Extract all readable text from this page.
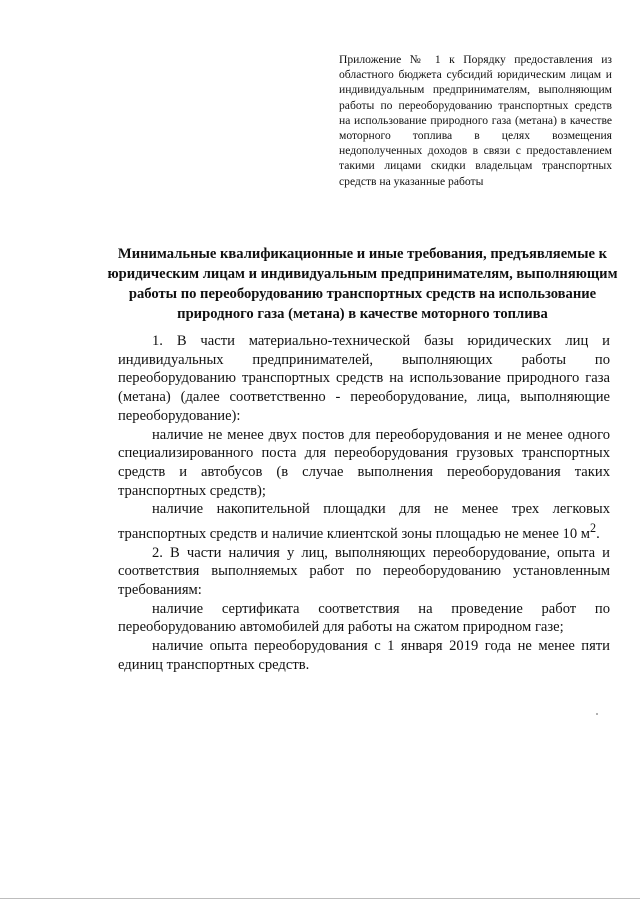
Приложение № 1 к Порядку предоставления из областного бюджета субсидий юридическим лицам и индивидуальным предпринимателям, выполняющим работы по переоборудованию транспортных средств на использование природного газа (метана) в качестве моторного топлива в целях возмещения недополученных доходов в связи с предоставлением такими лицами скидки владельцам транспортных средств на указанные работы
Минимальные квалификационные и иные требования, предъявляемые к юридическим лицам и индивидуальным предпринимателям, выполняющим работы по переоборудованию транспортных средств на использование природного газа (метана) в качестве моторного топлива

1. В части материально-технической базы юридических лиц и индивидуальных предпринимателей, выполняющих работы по переоборудованию транспортных средств на использование природного газа (метана) (далее соответственно - переоборудование, лица, выполняющие переоборудование):

наличие не менее двух постов для переоборудования и не менее одного специализированного поста для переоборудования грузовых транспортных средств и автобусов (в случае выполнения переоборудования таких транспортных средств);

наличие накопительной площадки для не менее трех легковых транспортных средств и наличие клиентской зоны площадью не менее 10 $м^2$.

2. В части наличия у лиц, выполняющих переоборудование, опыта и соответствия выполняемых работ по переоборудованию установленным требованиям:

наличие сертификата соответствия на проведение работ по переоборудованию автомобилей для работы на сжатом природном газе;

наличие опыта переоборудования с 1 января 2019 года не менее пяти единиц транспортных средств.
